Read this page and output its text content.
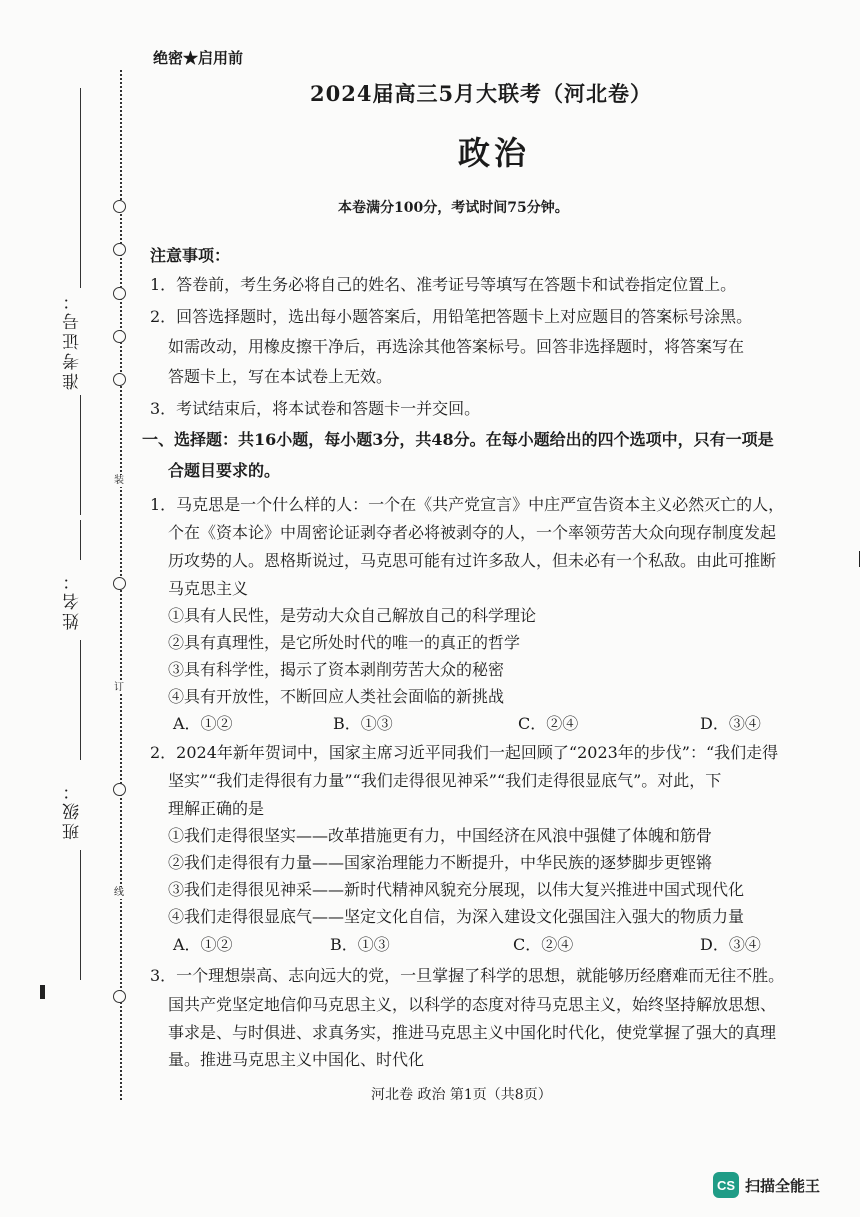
装
订
线
准考证号：
姓名：
班级：
绝密★启用前
2024届高三5月大联考（河北卷）
政治
本卷满分100分，考试时间75分钟。
注意事项：
1．答卷前，考生务必将自己的姓名、准考证号等填写在答题卡和试卷指定位置上。
2．回答选择题时，选出每小题答案后，用铅笔把答题卡上对应题目的答案标号涂黑。
如需改动，用橡皮擦干净后，再选涂其他答案标号。回答非选择题时，将答案写在
答题卡上，写在本试卷上无效。
3．考试结束后，将本试卷和答题卡一并交回。
一、选择题：共16小题，每小题3分，共48分。在每小题给出的四个选项中，只有一项是
合题目要求的。
1．马克思是一个什么样的人：一个在《共产党宣言》中庄严宣告资本主义必然灭亡的人，
个在《资本论》中周密论证剥夺者必将被剥夺的人，一个率领劳苦大众向现存制度发起
历攻势的人。恩格斯说过，马克思可能有过许多敌人，但未必有一个私敌。由此可推断
马克思主义
①具有人民性，是劳动大众自己解放自己的科学理论
②具有真理性，是它所处时代的唯一的真正的哲学
③具有科学性，揭示了资本剥削劳苦大众的秘密
④具有开放性，不断回应人类社会面临的新挑战
A．①②	B．①③	C．②④	D．③④
2．2024年新年贺词中，国家主席习近平同我们一起回顾了“2023年的步伐”：“我们走得
坚实”“我们走得很有力量”“我们走得很见神采”“我们走得很显底气”。对此，下
理解正确的是
①我们走得很坚实——改革措施更有力，中国经济在风浪中强健了体魄和筋骨
②我们走得很有力量——国家治理能力不断提升，中华民族的逐梦脚步更铿锵
③我们走得很见神采——新时代精神风貌充分展现，以伟大复兴推进中国式现代化
④我们走得很显底气——坚定文化自信，为深入建设文化强国注入强大的物质力量
A．①②	B．①③	C．②④	D．③④
3．一个理想崇高、志向远大的党，一旦掌握了科学的思想，就能够历经磨难而无往不胜。
国共产党坚定地信仰马克思主义，以科学的态度对待马克思主义，始终坚持解放思想、
事求是、与时俱进、求真务实，推进马克思主义中国化时代化，使党掌握了强大的真理
量。推进马克思主义中国化、时代化
河北卷 政治 第1页（共8页）
CS 扫描全能王
